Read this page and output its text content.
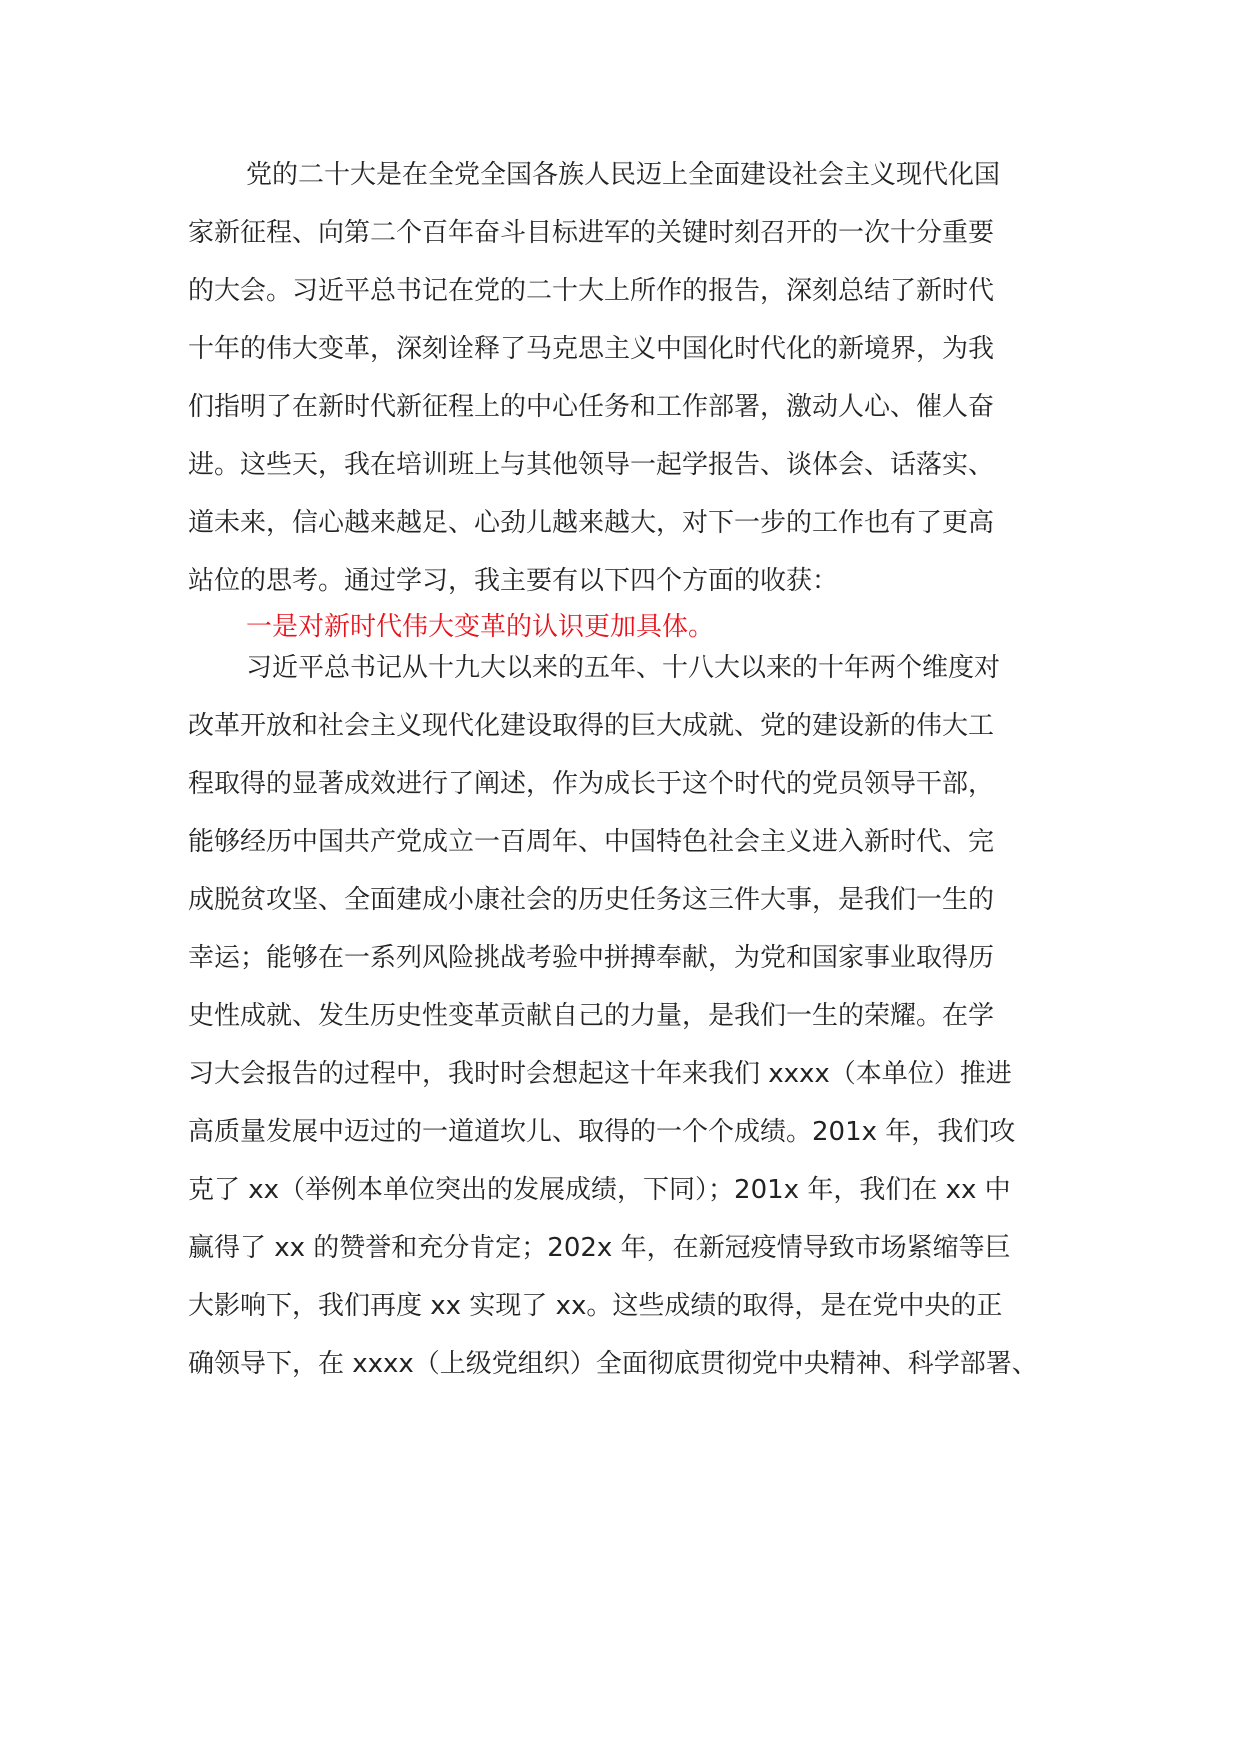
党的二十大是在全党全国各族人民迈上全面建设社会主义现代化国
家新征程、向第二个百年奋斗目标进军的关键时刻召开的一次十分重要
的大会。习近平总书记在党的二十大上所作的报告，深刻总结了新时代
十年的伟大变革，深刻诠释了马克思主义中国化时代化的新境界，为我
们指明了在新时代新征程上的中心任务和工作部署，激动人心、催人奋
进。这些天，我在培训班上与其他领导一起学报告、谈体会、话落实、
道未来，信心越来越足、心劲儿越来越大，对下一步的工作也有了更高
站位的思考。通过学习，我主要有以下四个方面的收获：
一是对新时代伟大变革的认识更加具体。
习近平总书记从十九大以来的五年、十八大以来的十年两个维度对
改革开放和社会主义现代化建设取得的巨大成就、党的建设新的伟大工
程取得的显著成效进行了阐述，作为成长于这个时代的党员领导干部，
能够经历中国共产党成立一百周年、中国特色社会主义进入新时代、完
成脱贫攻坚、全面建成小康社会的历史任务这三件大事，是我们一生的
幸运；能够在一系列风险挑战考验中拼搏奉献，为党和国家事业取得历
史性成就、发生历史性变革贡献自己的力量，是我们一生的荣耀。在学
习大会报告的过程中，我时时会想起这十年来我们 xxxx（本单位）推进
高质量发展中迈过的一道道坎儿、取得的一个个成绩。201x 年，我们攻
克了 xx（举例本单位突出的发展成绩，下同）；201x 年，我们在 xx 中
赢得了 xx 的赞誉和充分肯定；202x 年，在新冠疫情导致市场紧缩等巨
大影响下，我们再度 xx 实现了 xx。这些成绩的取得，是在党中央的正
确领导下，在 xxxx（上级党组织）全面彻底贯彻党中央精神、科学部署、
